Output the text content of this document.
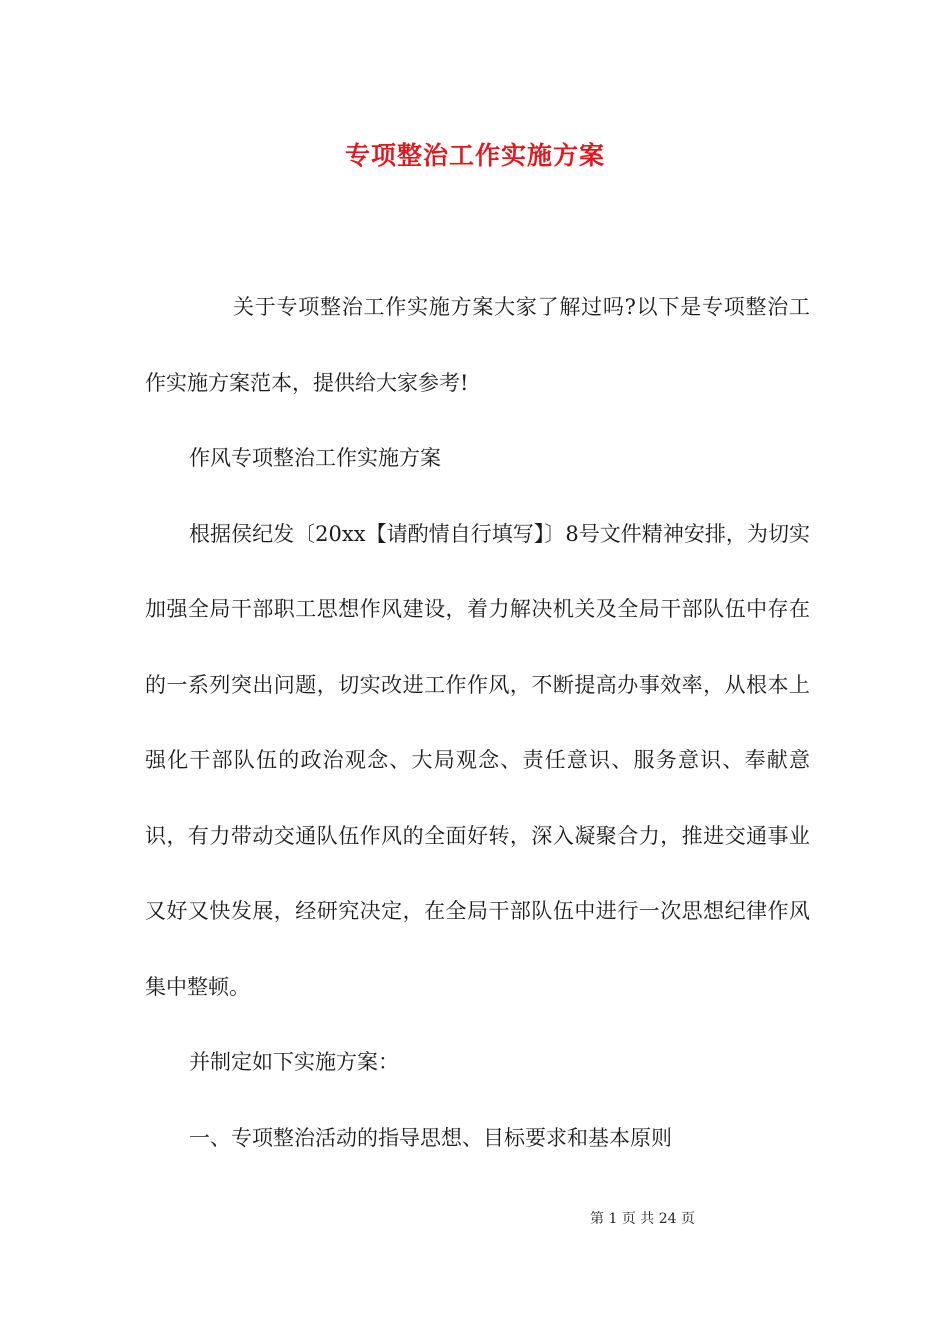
专项整治工作实施方案

关于专项整治工作实施方案大家了解过吗?以下是专项整治工作实施方案范本，提供给大家参考!

作风专项整治工作实施方案

根据侯纪发〔20xx【请酌情自行填写】〕8号文件精神安排，为切实加强全局干部职工思想作风建设，着力解决机关及全局干部队伍中存在的一系列突出问题，切实改进工作作风，不断提高办事效率，从根本上强化干部队伍的政治观念、大局观念、责任意识、服务意识、奉献意识，有力带动交通队伍作风的全面好转，深入凝聚合力，推进交通事业又好又快发展，经研究决定，在全局干部队伍中进行一次思想纪律作风集中整顿。

并制定如下实施方案：

一、专项整治活动的指导思想、目标要求和基本原则

第 1 页 共 24 页
